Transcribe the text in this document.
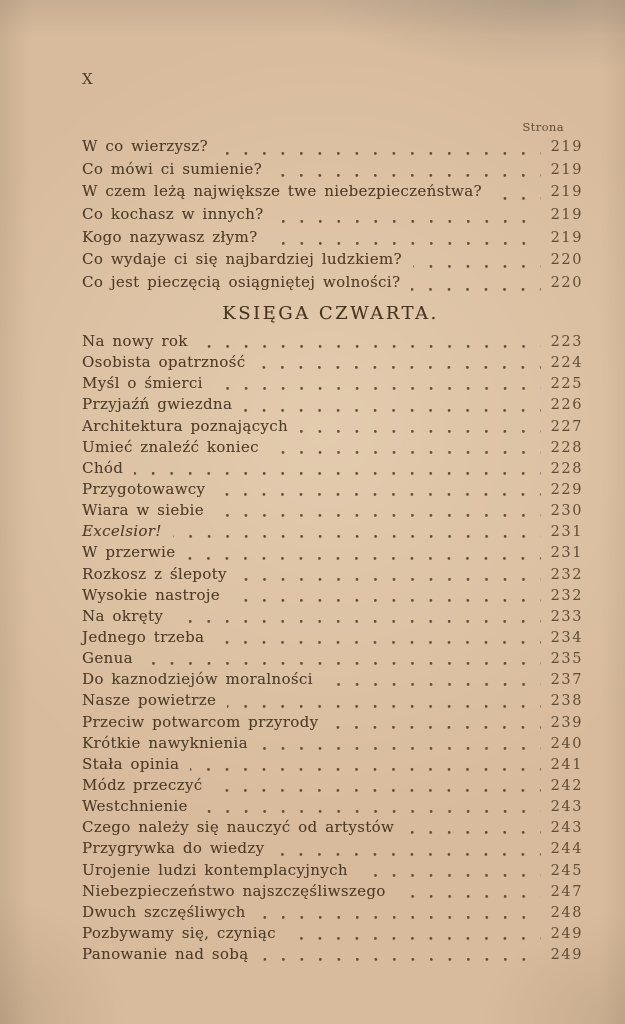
X
Strona
W co wierzysz?	219
Co mówi ci sumienie?	219
W czem leżą największe twe niebezpieczeństwa?	219
Co kochasz w innych?	219
Kogo nazywasz złym?	219
Co wydaje ci się najbardziej ludzkiem?	220
Co jest pieczęcią osiągniętej wolności?	220
KSIĘGA CZWARTA.
Na nowy rok	223
Osobista opatrzność	224
Myśl o śmierci	225
Przyjaźń gwiezdna	226
Architektura poznających	227
Umieć znaleźć koniec	228
Chód	228
Przygotowawcy	229
Wiara w siebie	230
Excelsior!	231
W przerwie	231
Rozkosz z ślepoty	232
Wysokie nastroje	232
Na okręty	233
Jednego trzeba	234
Genua	235
Do kaznodziejów moralności	237
Nasze powietrze	238
Przeciw potwarcom przyrody	239
Krótkie nawyknienia	240
Stała opinia	241
Módz przeczyć	242
Westchnienie	243
Czego należy się nauczyć od artystów	243
Przygrywka do wiedzy	244
Urojenie ludzi kontemplacyjnych	245
Niebezpieczeństwo najszczęśliwszego	247
Dwuch szczęśliwych	248
Pozbywamy się, czyniąc	249
Panowanie nad sobą	249
